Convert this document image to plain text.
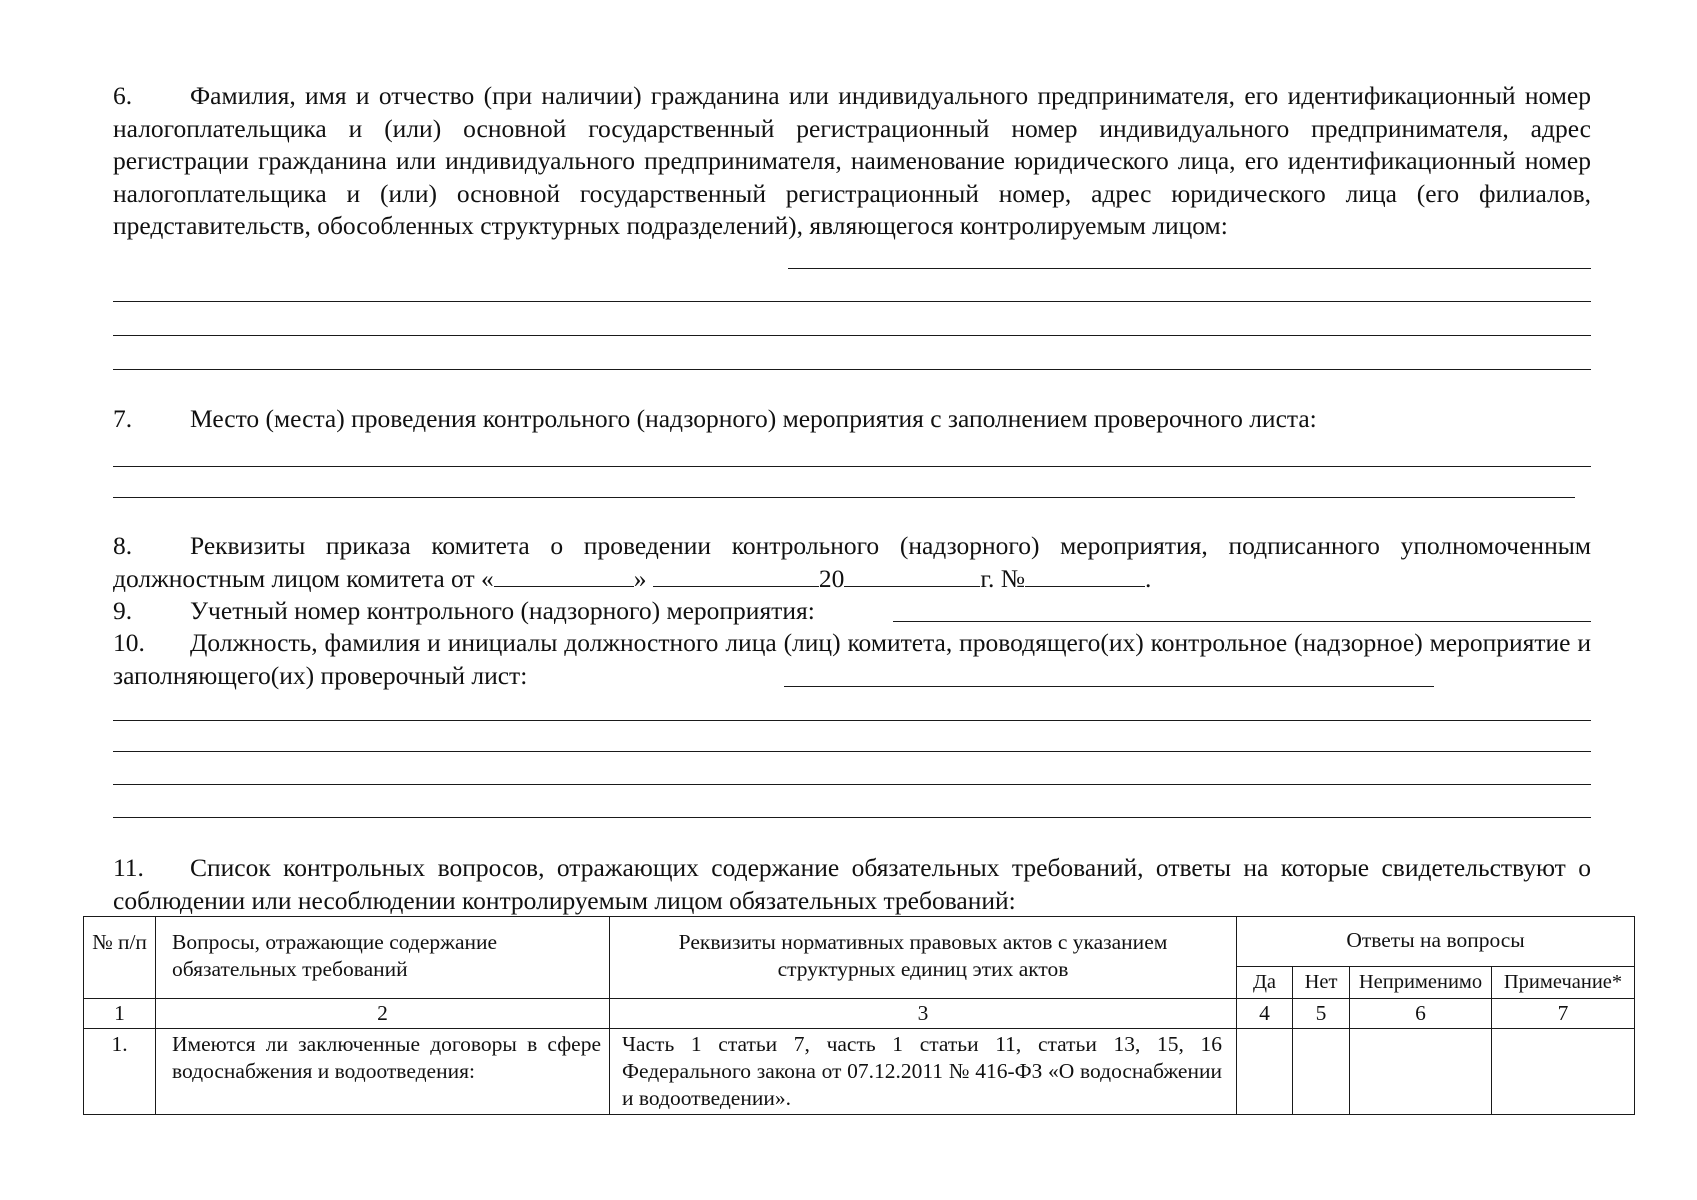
6. Фамилия, имя и отчество (при наличии) гражданина или индивидуального предпринимателя, его идентификационный номер налогоплательщика и (или) основной государственный регистрационный номер индивидуального предпринимателя, адрес регистрации гражданина или индивидуального предпринимателя, наименование юридического лица, его идентификационный номер налогоплательщика и (или) основной государственный регистрационный номер, адрес юридического лица (его филиалов, представительств, обособленных структурных подразделений), являющегося контролируемым лицом:
7. Место (места) проведения контрольного (надзорного) мероприятия с заполнением проверочного листа:
8. Реквизиты приказа комитета о проведении контрольного (надзорного) мероприятия, подписанного уполномоченным должностным лицом комитета от «	»	20	г. №	.
9. Учетный номер контрольного (надзорного) мероприятия:
10. Должность, фамилия и инициалы должностного лица (лиц) комитета, проводящего(их) контрольное (надзорное) мероприятие и заполняющего(их) проверочный лист:
11. Список контрольных вопросов, отражающих содержание обязательных требований, ответы на которые свидетельствуют о соблюдении или несоблюдении контролируемым лицом обязательных требований:
№ п/п	Вопросы, отражающие содержание обязательных требований	Реквизиты нормативных правовых актов с указанием структурных единиц этих актов	Ответы на вопросы			
			Да	Нет	Неприменимо	Примечание*
1	2	3	4	5	6	7
1.	Имеются ли заключенные договоры в сфере водоснабжения и водоотведения:	Часть 1 статьи 7, часть 1 статьи 11, статьи 13, 15, 16 Федерального закона от 07.12.2011 № 416-ФЗ «О водоснабжении и водоотведении».				
